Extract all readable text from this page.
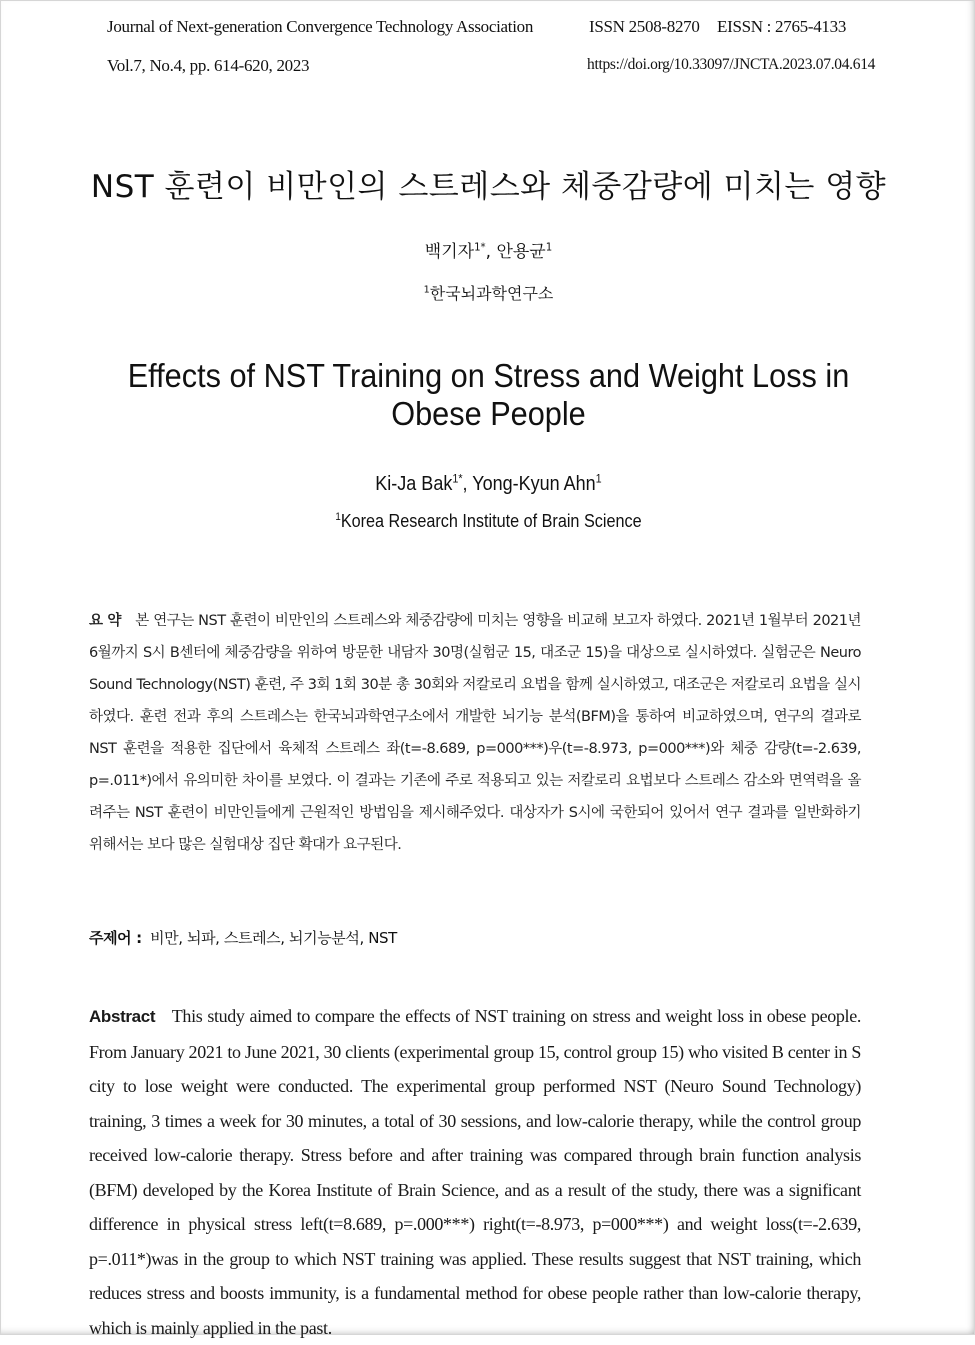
Journal of Next-generation Convergence Technology Association	ISSN 2508-8270 EISSN : 2765-4133
Vol.7, No.4, pp. 614-620, 2023	https://doi.org/10.33097/JNCTA.2023.07.04.614
NST 훈련이 비만인의 스트레스와 체중감량에 미치는 영향
백기자$^{1*}$, 안용균$^1$
$^1$한국뇌과학연구소
Effects of NST Training on Stress and Weight Loss in Obese People
Ki-Ja Bak$^{1*}$, Yong-Kyun Ahn$^1$
$^1$Korea Research Institute of Brain Science
요 약 본 연구는 NST 훈련이 비만인의 스트레스와 체중감량에 미치는 영향을 비교해 보고자 하였다. 2021년 1월부터 2021년 6월까지 S시 B센터에 체중감량을 위하여 방문한 내담자 30명(실험군 15, 대조군 15)을 대상으로 실시하였다. 실험군은 Neuro Sound Technology(NST) 훈련, 주 3회 1회 30분 총 30회와 저칼로리 요법을 함께 실시하였고, 대조군은 저칼로리 요법을 실시하였다. 훈련 전과 후의 스트레스는 한국뇌과학연구소에서 개발한 뇌기능 분석(BFM)을 통하여 비교하였으며, 연구의 결과로 NST 훈련을 적용한 집단에서 육체적 스트레스 좌(t=-8.689, p=000***)우(t=-8.973, p=000***)와 체중 감량(t=-2.639, p=.011*)에서 유의미한 차이를 보였다. 이 결과는 기존에 주로 적용되고 있는 저칼로리 요법보다 스트레스 감소와 면역력을 올려주는 NST 훈련이 비만인들에게 근원적인 방법임을 제시해주었다. 대상자가 S시에 국한되어 있어서 연구 결과를 일반화하기 위해서는 보다 많은 실험대상 집단 확대가 요구된다.
주제어 : 비만, 뇌파, 스트레스, 뇌기능분석, NST
Abstract This study aimed to compare the effects of NST training on stress and weight loss in obese people. From January 2021 to June 2021, 30 clients (experimental group 15, control group 15) who visited B center in S city to lose weight were conducted. The experimental group performed NST (Neuro Sound Technology) training, 3 times a week for 30 minutes, a total of 30 sessions, and low-calorie therapy, while the control group received low-calorie therapy. Stress before and after training was compared through brain function analysis (BFM) developed by the Korea Institute of Brain Science, and as a result of the study, there was a significant difference in physical stress left(t=8.689, p=.000***) right(t=-8.973, p=000***) and weight loss(t=-2.639, p=.011*)was in the group to which NST training was applied. These results suggest that NST training, which reduces stress and boosts immunity, is a fundamental method for obese people rather than low-calorie therapy, which is mainly applied in the past.
